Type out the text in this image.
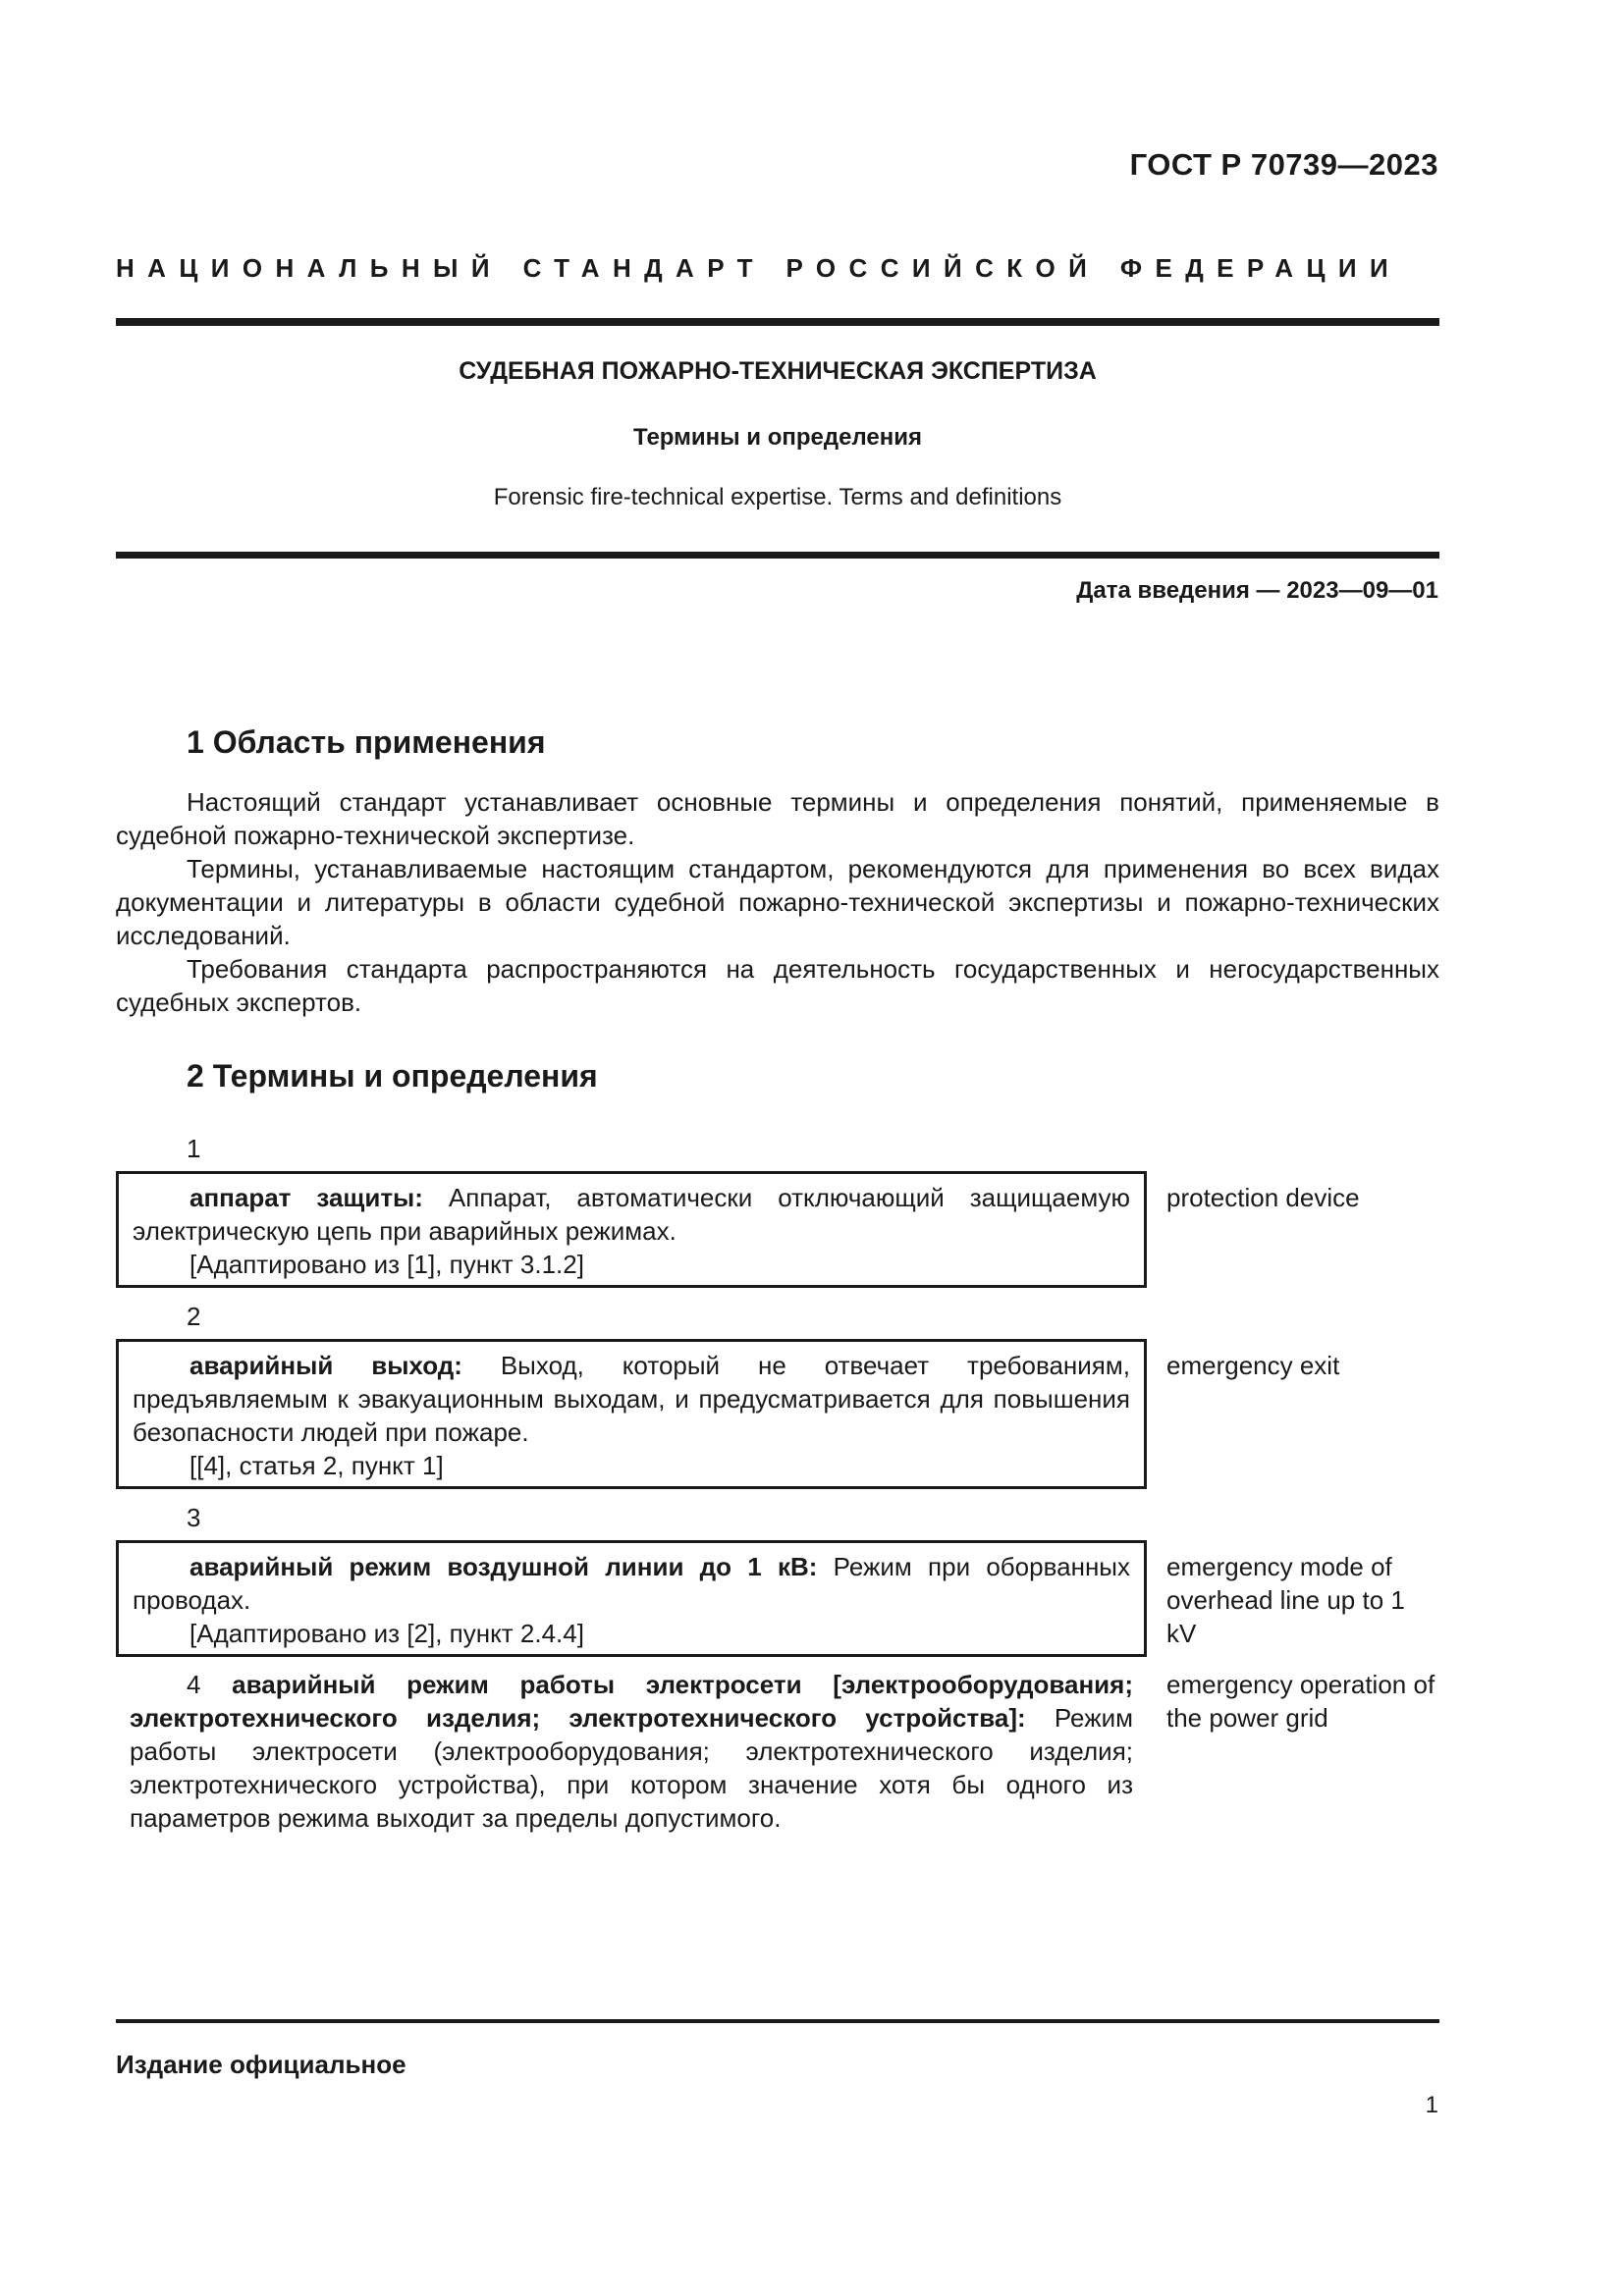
ГОСТ Р 70739—2023
НАЦИОНАЛЬНЫЙ СТАНДАРТ РОССИЙСКОЙ ФЕДЕРАЦИИ
СУДЕБНАЯ ПОЖАРНО-ТЕХНИЧЕСКАЯ ЭКСПЕРТИЗА
Термины и определения
Forensic fire-technical expertise. Terms and definitions
Дата введения — 2023—09—01
1 Область применения

Настоящий стандарт устанавливает основные термины и определения понятий, применяемые в судебной пожарно-технической экспертизе.

Термины, устанавливаемые настоящим стандартом, рекомендуются для применения во всех видах документации и литературы в области судебной пожарно-технической экспертизы и пожарно-технических исследований.

Требования стандарта распространяются на деятельность государственных и негосударственных судебных экспертов.

2 Термины и определения
1

аппарат защиты: Аппарат, автоматически отключающий защищаемую электрическую цепь при аварийных режимах.

[Адаптировано из [1], пункт 3.1.2]

protection device
2

аварийный выход: Выход, который не отвечает требованиям, предъявляемым к эвакуационным выходам, и предусматривается для повышения безопасности людей при пожаре.

[[4], статья 2, пункт 1]

emergency exit
3

аварийный режим воздушной линии до 1 кВ: Режим при оборванных проводах.

[Адаптировано из [2], пункт 2.4.4]

emergency mode of overhead line up to 1 kV

4 аварийный режим работы электросети [электрооборудования; электротехнического изделия; электротехнического устройства]: Режим работы электросети (электрооборудования; электротехнического изделия; электротехнического устройства), при котором значение хотя бы одного из параметров режима выходит за пределы допустимого.

emergency operation of the power grid
Издание официальное
1
